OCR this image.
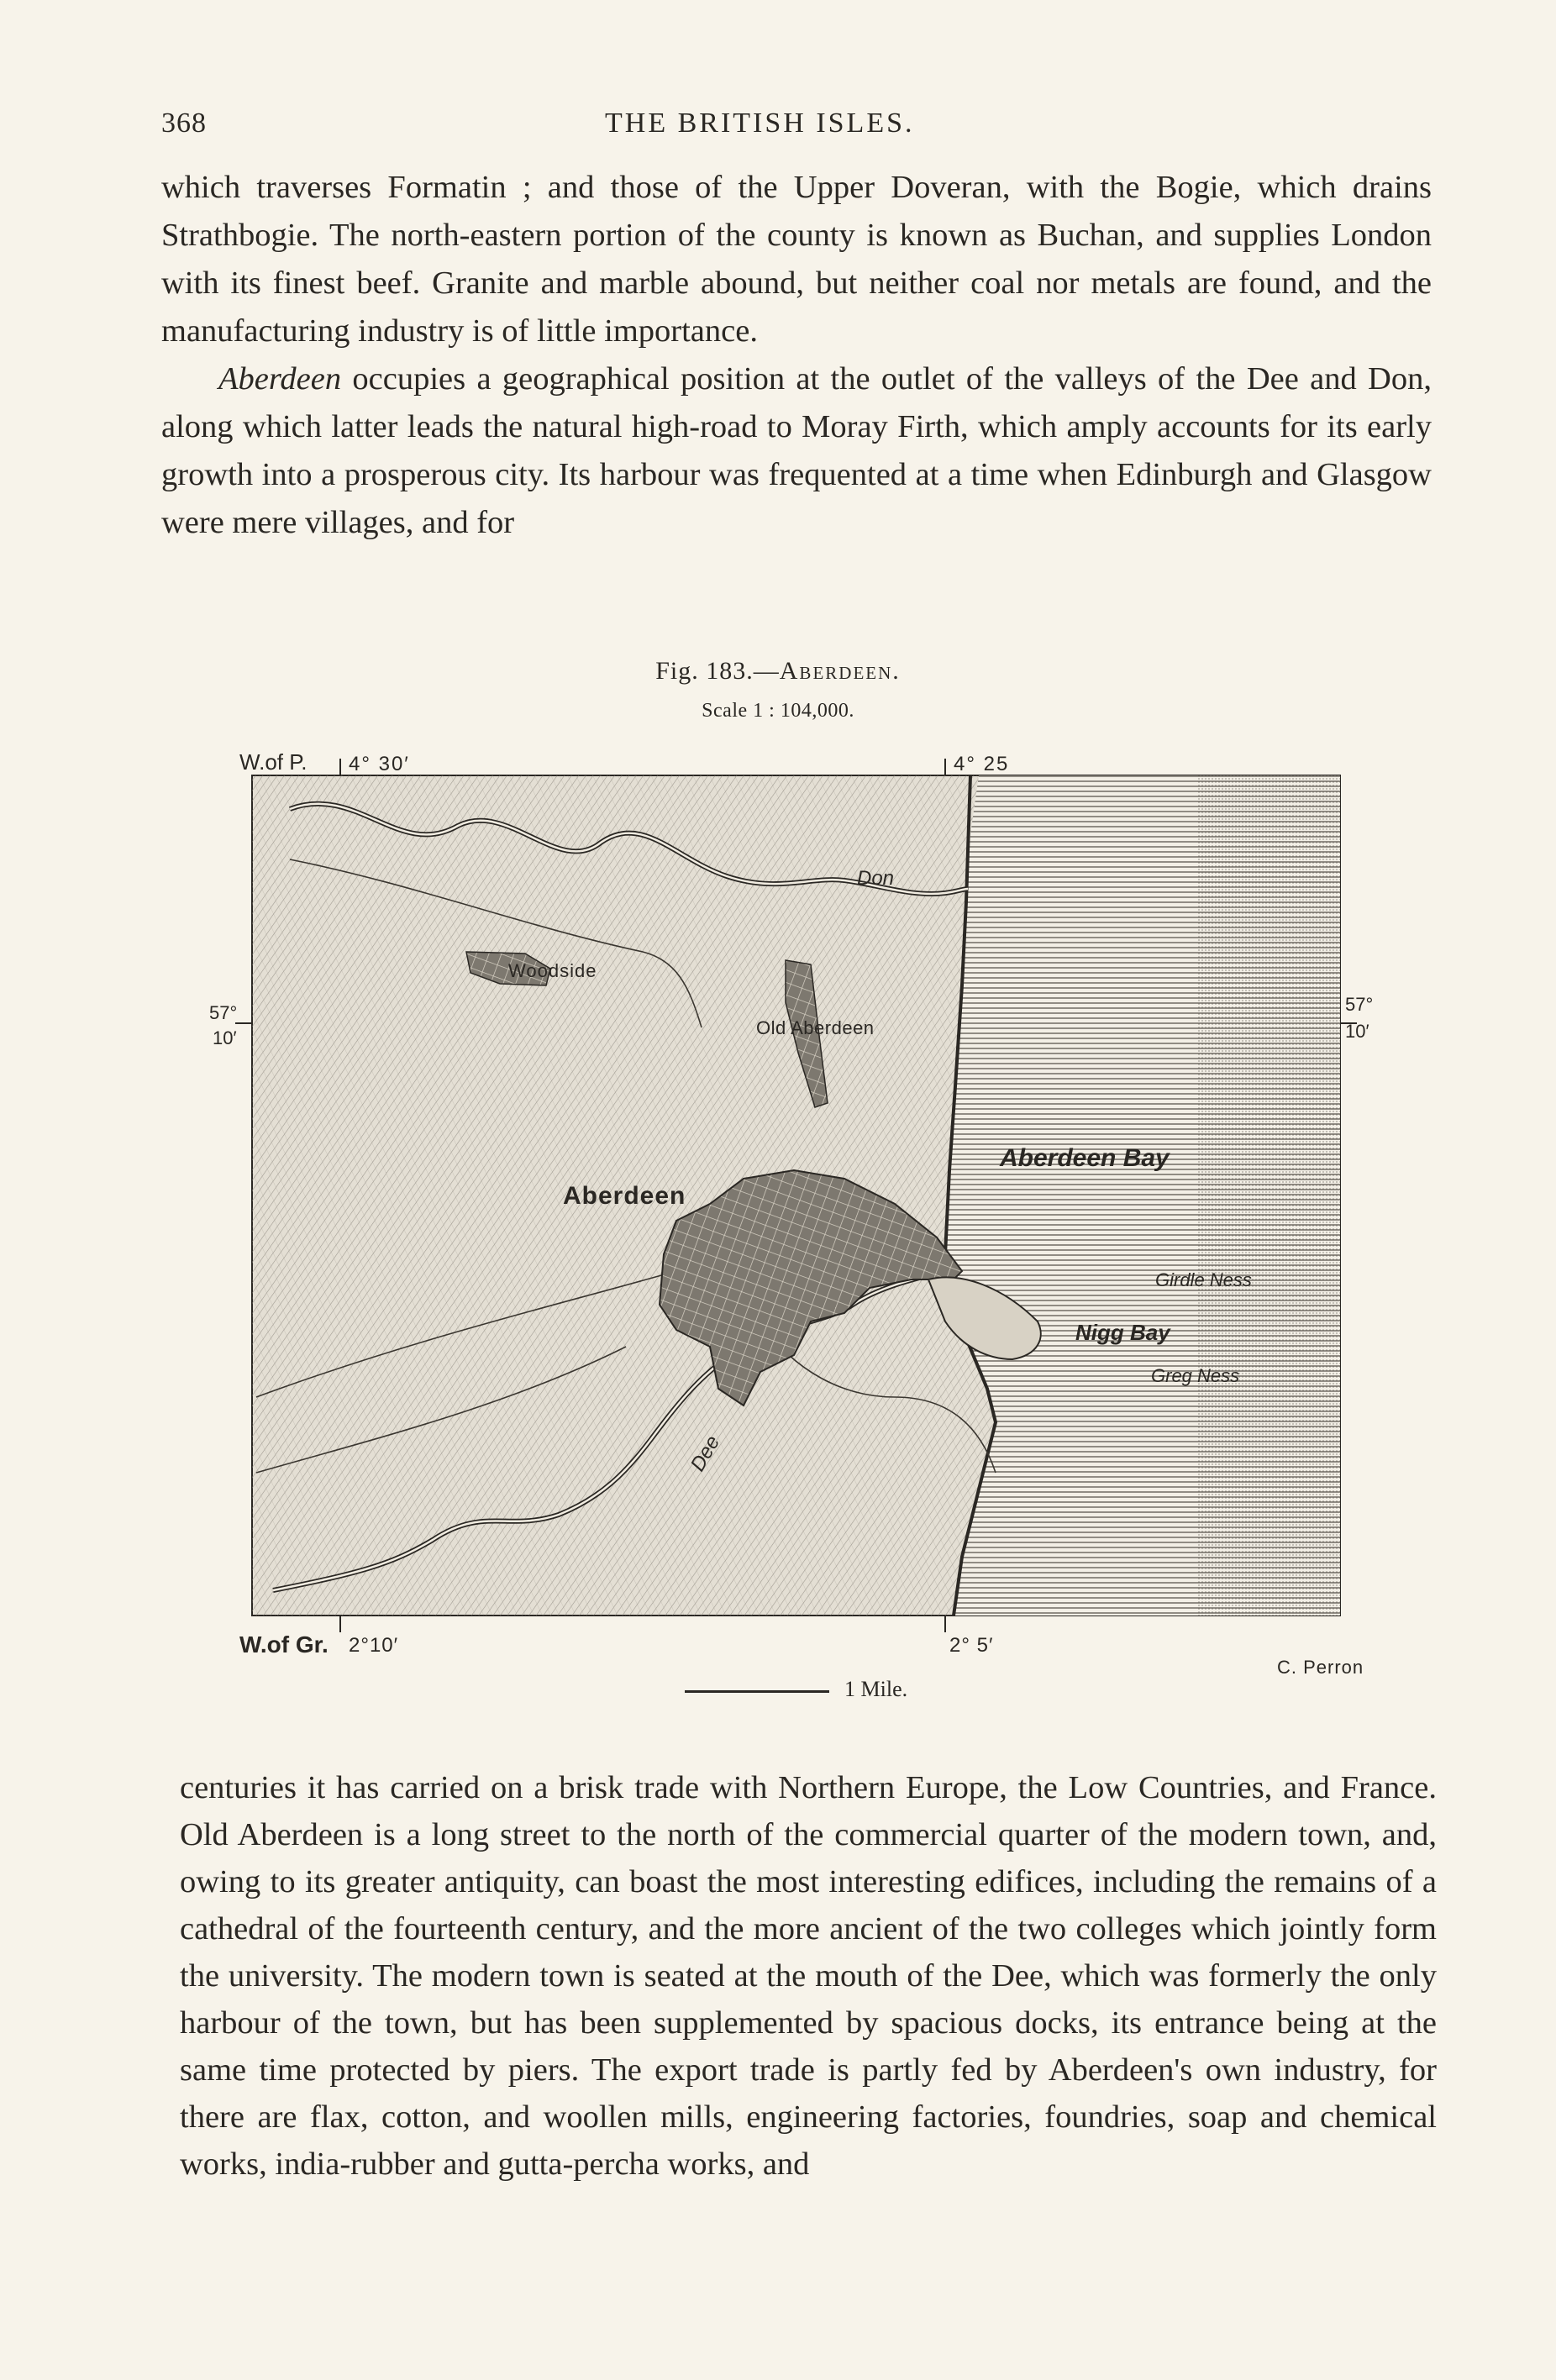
368	THE BRITISH ISLES.

which traverses Formatin ; and those of the Upper Doveran, with the Bogie, which drains Strathbogie. The north-eastern portion of the county is known as Buchan, and supplies London with its finest beef. Granite and marble abound, but neither coal nor metals are found, and the manufacturing industry is of little importance.

Aberdeen occupies a geographical position at the outlet of the valleys of the Dee and Don, along which latter leads the natural high-road to Moray Firth, which amply accounts for its early growth into a prosperous city. Its harbour was frequented at a time when Edinburgh and Glasgow were mere villages, and for

Fig. 183.—Aberdeen.
Scale 1 : 104,000.
W.of P.
W.of Gr.
4° 30′	4° 25
2°10′	2° 5′
57°
10′
57°
10′
Don
Woodside
Old Aberdeen
Aberdeen
Aberdeen Bay
Girdle Ness
Nigg Bay
Greg Ness
Dee
1 Mile.
C. Perron

centuries it has carried on a brisk trade with Northern Europe, the Low Countries, and France. Old Aberdeen is a long street to the north of the commercial quarter of the modern town, and, owing to its greater antiquity, can boast the most interesting edifices, including the remains of a cathedral of the fourteenth century, and the more ancient of the two colleges which jointly form the university. The modern town is seated at the mouth of the Dee, which was formerly the only harbour of the town, but has been supplemented by spacious docks, its entrance being at the same time protected by piers. The export trade is partly fed by Aberdeen's own industry, for there are flax, cotton, and woollen mills, engineering factories, foundries, soap and chemical works, india-rubber and gutta-percha works, and
